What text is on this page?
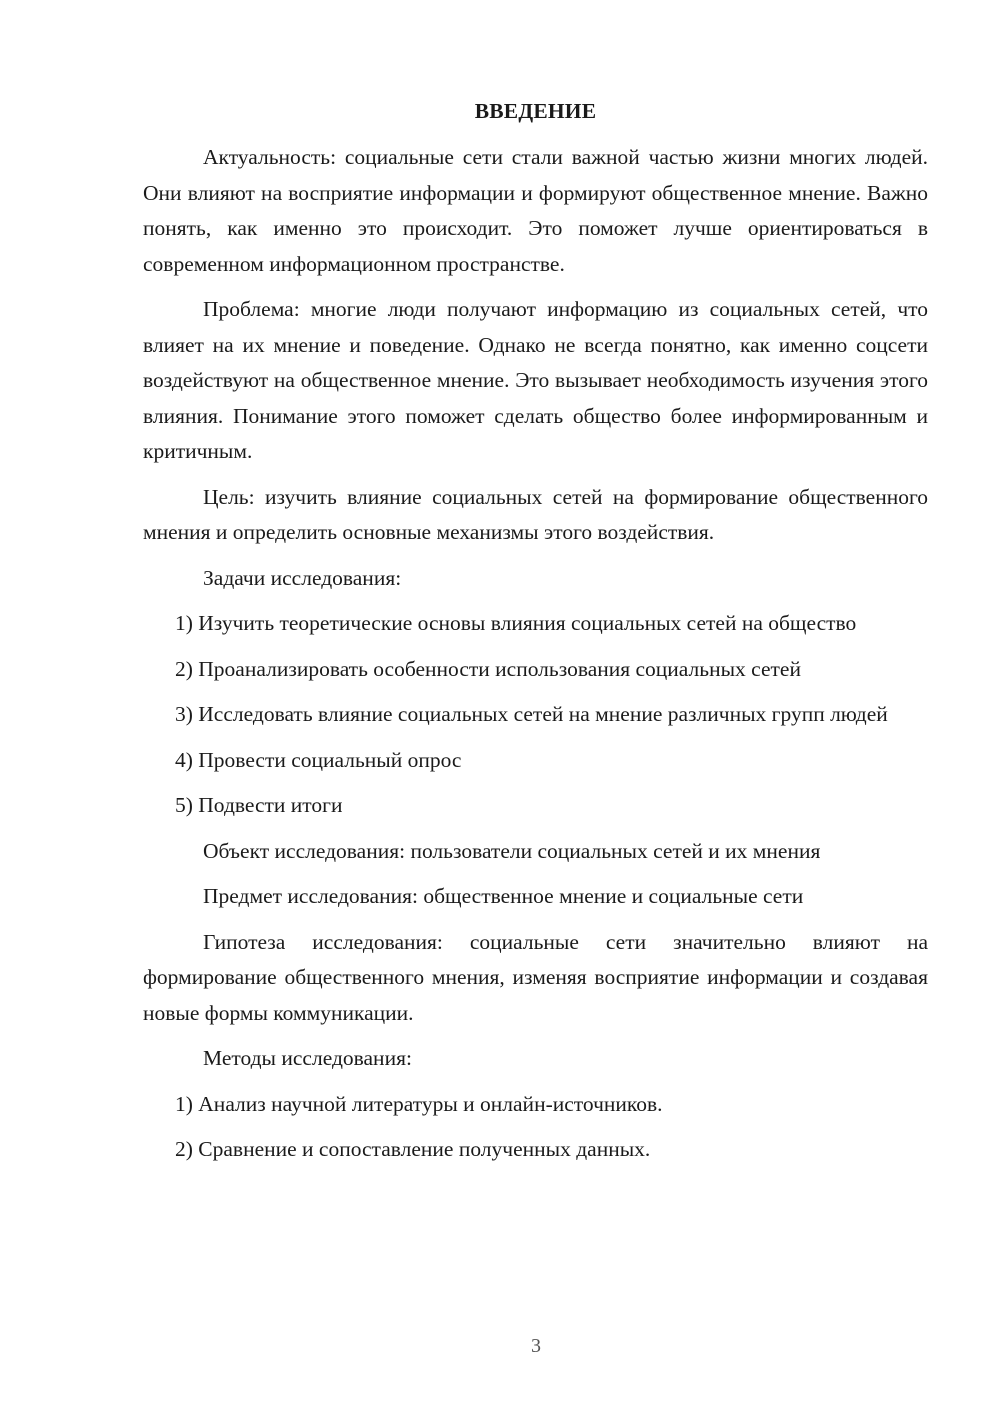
ВВЕДЕНИЕ
Актуальность: социальные сети стали важной частью жизни многих людей. Они влияют на восприятие информации и формируют общественное мнение. Важно понять, как именно это происходит. Это поможет лучше ориентироваться в современном информационном пространстве.
Проблема: многие люди получают информацию из социальных сетей, что влияет на их мнение и поведение. Однако не всегда понятно, как именно соцсети воздействуют на общественное мнение. Это вызывает необходимость изучения этого влияния. Понимание этого поможет сделать общество более информированным и критичным.
Цель: изучить влияние социальных сетей на формирование общественного мнения и определить основные механизмы этого воздействия.
Задачи исследования:
1) Изучить теоретические основы влияния социальных сетей на общество
2) Проанализировать особенности использования социальных сетей
3) Исследовать влияние социальных сетей на мнение различных групп людей
4) Провести социальный опрос
5) Подвести итоги
Объект исследования: пользователи социальных сетей и их мнения
Предмет исследования: общественное мнение и социальные сети
Гипотеза исследования: социальные сети значительно влияют на формирование общественного мнения, изменяя восприятие информации и создавая новые формы коммуникации.
Методы исследования:
1) Анализ научной литературы и онлайн-источников.
2) Сравнение и сопоставление полученных данных.
3
